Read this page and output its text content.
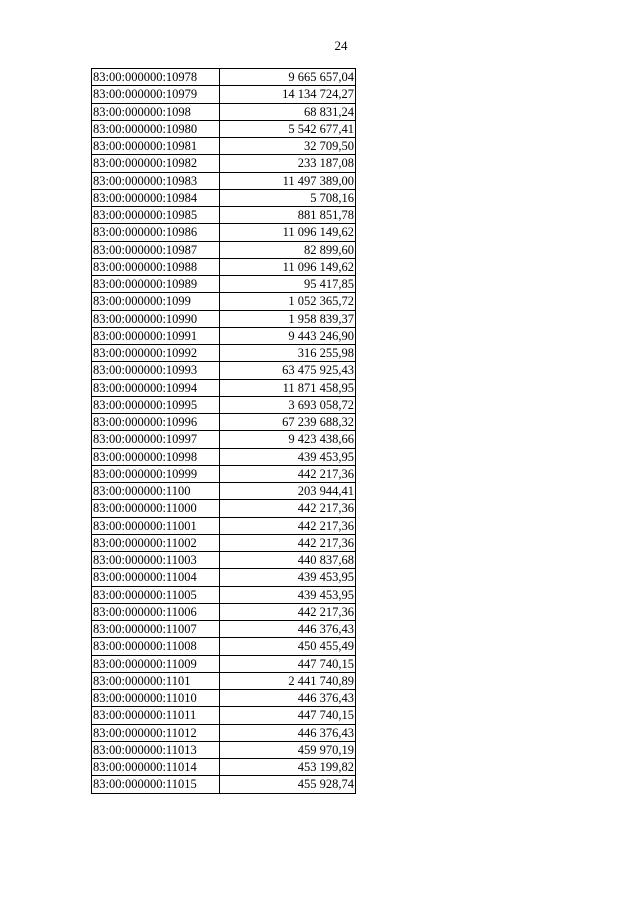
24
83:00:000000:10978	9 665 657,04
83:00:000000:10979	14 134 724,27
83:00:000000:1098	68 831,24
83:00:000000:10980	5 542 677,41
83:00:000000:10981	32 709,50
83:00:000000:10982	233 187,08
83:00:000000:10983	11 497 389,00
83:00:000000:10984	5 708,16
83:00:000000:10985	881 851,78
83:00:000000:10986	11 096 149,62
83:00:000000:10987	82 899,60
83:00:000000:10988	11 096 149,62
83:00:000000:10989	95 417,85
83:00:000000:1099	1 052 365,72
83:00:000000:10990	1 958 839,37
83:00:000000:10991	9 443 246,90
83:00:000000:10992	316 255,98
83:00:000000:10993	63 475 925,43
83:00:000000:10994	11 871 458,95
83:00:000000:10995	3 693 058,72
83:00:000000:10996	67 239 688,32
83:00:000000:10997	9 423 438,66
83:00:000000:10998	439 453,95
83:00:000000:10999	442 217,36
83:00:000000:1100	203 944,41
83:00:000000:11000	442 217,36
83:00:000000:11001	442 217,36
83:00:000000:11002	442 217,36
83:00:000000:11003	440 837,68
83:00:000000:11004	439 453,95
83:00:000000:11005	439 453,95
83:00:000000:11006	442 217,36
83:00:000000:11007	446 376,43
83:00:000000:11008	450 455,49
83:00:000000:11009	447 740,15
83:00:000000:1101	2 441 740,89
83:00:000000:11010	446 376,43
83:00:000000:11011	447 740,15
83:00:000000:11012	446 376,43
83:00:000000:11013	459 970,19
83:00:000000:11014	453 199,82
83:00:000000:11015	455 928,74
